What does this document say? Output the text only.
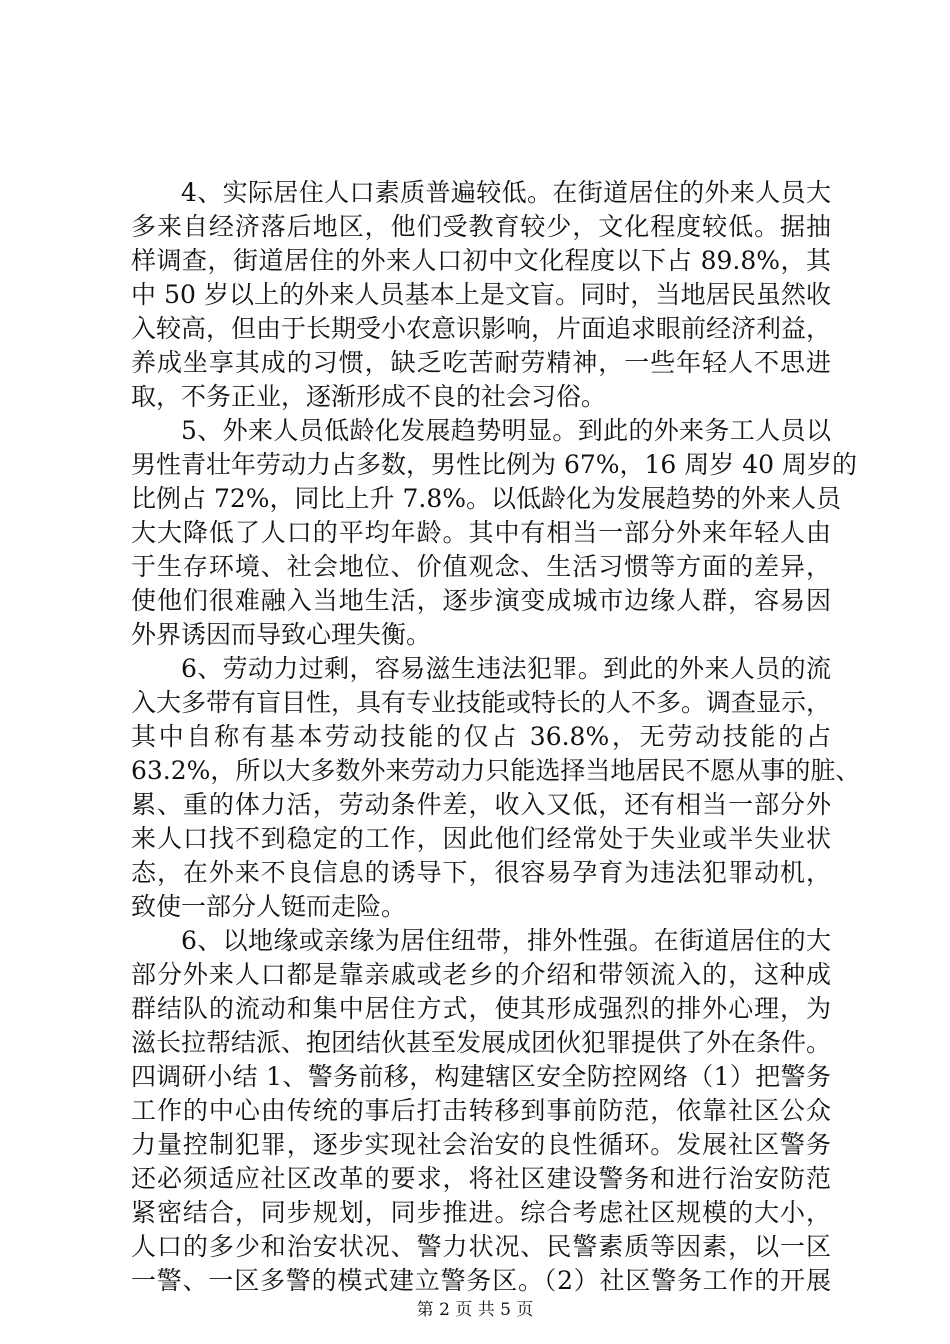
4、实际居住人口素质普遍较低。在街道居住的外来人员大
多来自经济落后地区，他们受教育较少，文化程度较低。据抽
样调查，街道居住的外来人口初中文化程度以下占 89.8%，其
中 50 岁以上的外来人员基本上是文盲。同时，当地居民虽然收
入较高，但由于长期受小农意识影响，片面追求眼前经济利益，
养成坐享其成的习惯，缺乏吃苦耐劳精神，一些年轻人不思进
取，不务正业，逐渐形成不良的社会习俗。
5、外来人员低龄化发展趋势明显。到此的外来务工人员以
男性青壮年劳动力占多数，男性比例为 67%，16 周岁 40 周岁的
比例占 72%，同比上升 7.8%。以低龄化为发展趋势的外来人员
大大降低了人口的平均年龄。其中有相当一部分外来年轻人由
于生存环境、社会地位、价值观念、生活习惯等方面的差异，
使他们很难融入当地生活，逐步演变成城市边缘人群，容易因
外界诱因而导致心理失衡。
6、劳动力过剩，容易滋生违法犯罪。到此的外来人员的流
入大多带有盲目性，具有专业技能或特长的人不多。调查显示，
其中自称有基本劳动技能的仅占 36.8%，无劳动技能的占
63.2%，所以大多数外来劳动力只能选择当地居民不愿从事的脏、
累、重的体力活，劳动条件差，收入又低，还有相当一部分外
来人口找不到稳定的工作，因此他们经常处于失业或半失业状
态，在外来不良信息的诱导下，很容易孕育为违法犯罪动机，
致使一部分人铤而走险。
6、以地缘或亲缘为居住纽带，排外性强。在街道居住的大
部分外来人口都是靠亲戚或老乡的介绍和带领流入的，这种成
群结队的流动和集中居住方式，使其形成强烈的排外心理，为
滋长拉帮结派、抱团结伙甚至发展成团伙犯罪提供了外在条件。
四调研小结 1、警务前移，构建辖区安全防控网络（1）把警务
工作的中心由传统的事后打击转移到事前防范，依靠社区公众
力量控制犯罪，逐步实现社会治安的良性循环。发展社区警务
还必须适应社区改革的要求，将社区建设警务和进行治安防范
紧密结合，同步规划，同步推进。综合考虑社区规模的大小，
人口的多少和治安状况、警力状况、民警素质等因素，以一区
一警、一区多警的模式建立警务区。（2）社区警务工作的开展
第 2 页 共 5 页
